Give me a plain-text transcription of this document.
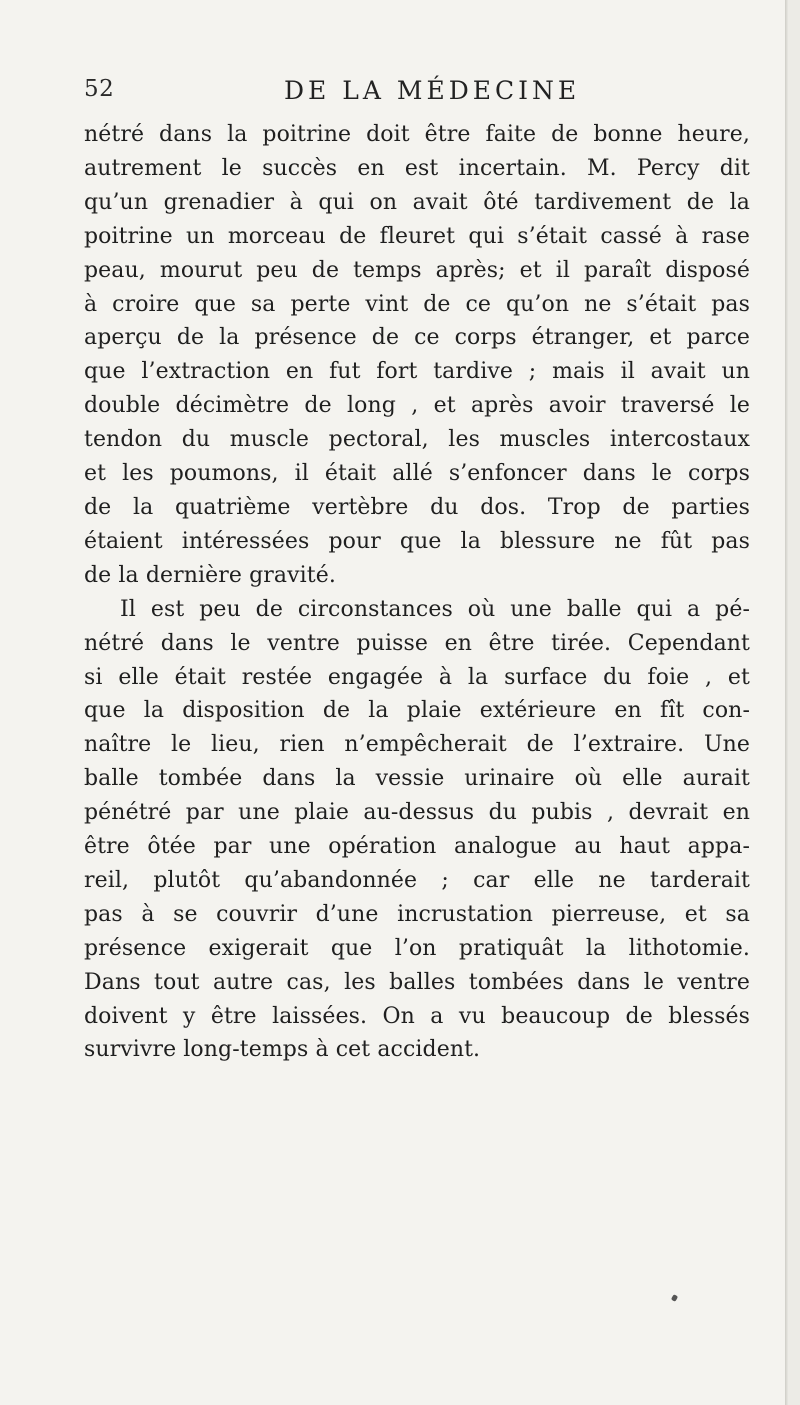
52	DE LA MÉDECINE
nétré dans la poitrine doit être faite de bonne heure,
autrement le succès en est incertain. M. Percy dit
qu’un grenadier à qui on avait ôté tardivement de la
poitrine un morceau de fleuret qui s’était cassé à rase
peau, mourut peu de temps après; et il paraît disposé
à croire que sa perte vint de ce qu’on ne s’était pas
aperçu de la présence de ce corps étranger, et parce
que l’extraction en fut fort tardive ; mais il avait un
double décimètre de long , et après avoir traversé le
tendon du muscle pectoral, les muscles intercostaux
et les poumons, il était allé s’enfoncer dans le corps
de la quatrième vertèbre du dos. Trop de parties
étaient intéressées pour que la blessure ne fût pas
de la dernière gravité.
Il est peu de circonstances où une balle qui a pé-
nétré dans le ventre puisse en être tirée. Cependant
si elle était restée engagée à la surface du foie , et
que la disposition de la plaie extérieure en fît con-
naître le lieu, rien n’empêcherait de l’extraire. Une
balle tombée dans la vessie urinaire où elle aurait
pénétré par une plaie au-dessus du pubis , devrait en
être ôtée par une opération analogue au haut appa-
reil, plutôt qu’abandonnée ; car elle ne tarderait
pas à se couvrir d’une incrustation pierreuse, et sa
présence exigerait que l’on pratiquât la lithotomie.
Dans tout autre cas, les balles tombées dans le ventre
doivent y être laissées. On a vu beaucoup de blessés
survivre long-temps à cet accident.
